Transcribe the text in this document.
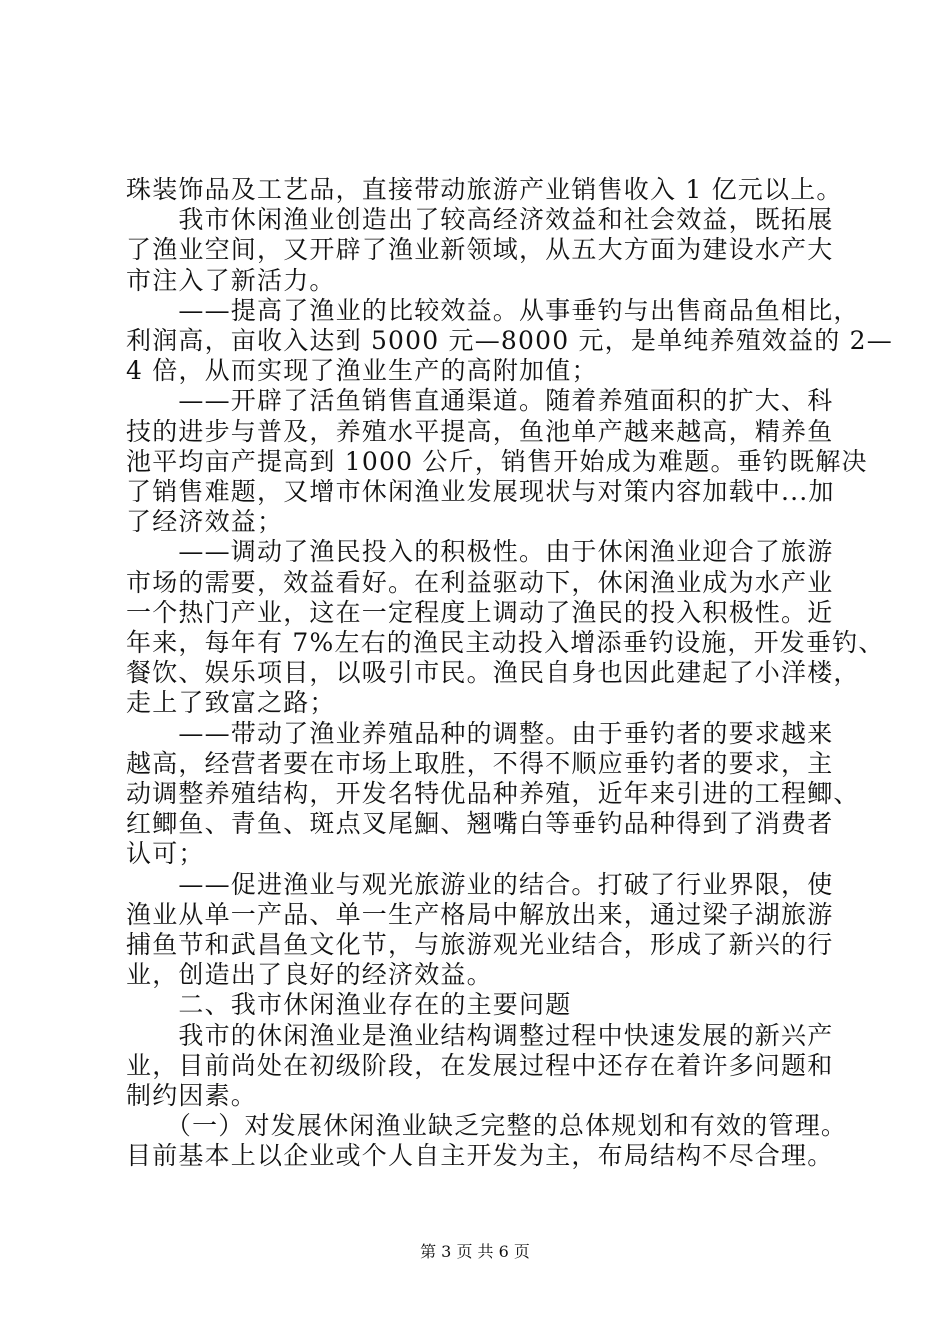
珠装饰品及工艺品，直接带动旅游产业销售收入 1 亿元以上。
　　我市休闲渔业创造出了较高经济效益和社会效益，既拓展
了渔业空间，又开辟了渔业新领域，从五大方面为建设水产大
市注入了新活力。
　　——提高了渔业的比较效益。从事垂钓与出售商品鱼相比，
利润高，亩收入达到 5000 元—8000 元，是单纯养殖效益的 2—
4 倍，从而实现了渔业生产的高附加值；
　　——开辟了活鱼销售直通渠道。随着养殖面积的扩大、科
技的进步与普及，养殖水平提高，鱼池单产越来越高，精养鱼
池平均亩产提高到 1000 公斤，销售开始成为难题。垂钓既解决
了销售难题，又增市休闲渔业发展现状与对策内容加载中...加
了经济效益；
　　——调动了渔民投入的积极性。由于休闲渔业迎合了旅游
市场的需要，效益看好。在利益驱动下，休闲渔业成为水产业
一个热门产业，这在一定程度上调动了渔民的投入积极性。近
年来，每年有 7%左右的渔民主动投入增添垂钓设施，开发垂钓、
餐饮、娱乐项目，以吸引市民。渔民自身也因此建起了小洋楼，
走上了致富之路；
　　——带动了渔业养殖品种的调整。由于垂钓者的要求越来
越高，经营者要在市场上取胜，不得不顺应垂钓者的要求，主
动调整养殖结构，开发名特优品种养殖，近年来引进的工程鲫、
红鲫鱼、青鱼、斑点叉尾鮰、翘嘴白等垂钓品种得到了消费者
认可；
　　——促进渔业与观光旅游业的结合。打破了行业界限，使
渔业从单一产品、单一生产格局中解放出来，通过梁子湖旅游
捕鱼节和武昌鱼文化节，与旅游观光业结合，形成了新兴的行
业，创造出了良好的经济效益。
　　二、我市休闲渔业存在的主要问题
　　我市的休闲渔业是渔业结构调整过程中快速发展的新兴产
业，目前尚处在初级阶段，在发展过程中还存在着许多问题和
制约因素。
　　（一）对发展休闲渔业缺乏完整的总体规划和有效的管理。
目前基本上以企业或个人自主开发为主，布局结构不尽合理。
第 3 页 共 6 页
